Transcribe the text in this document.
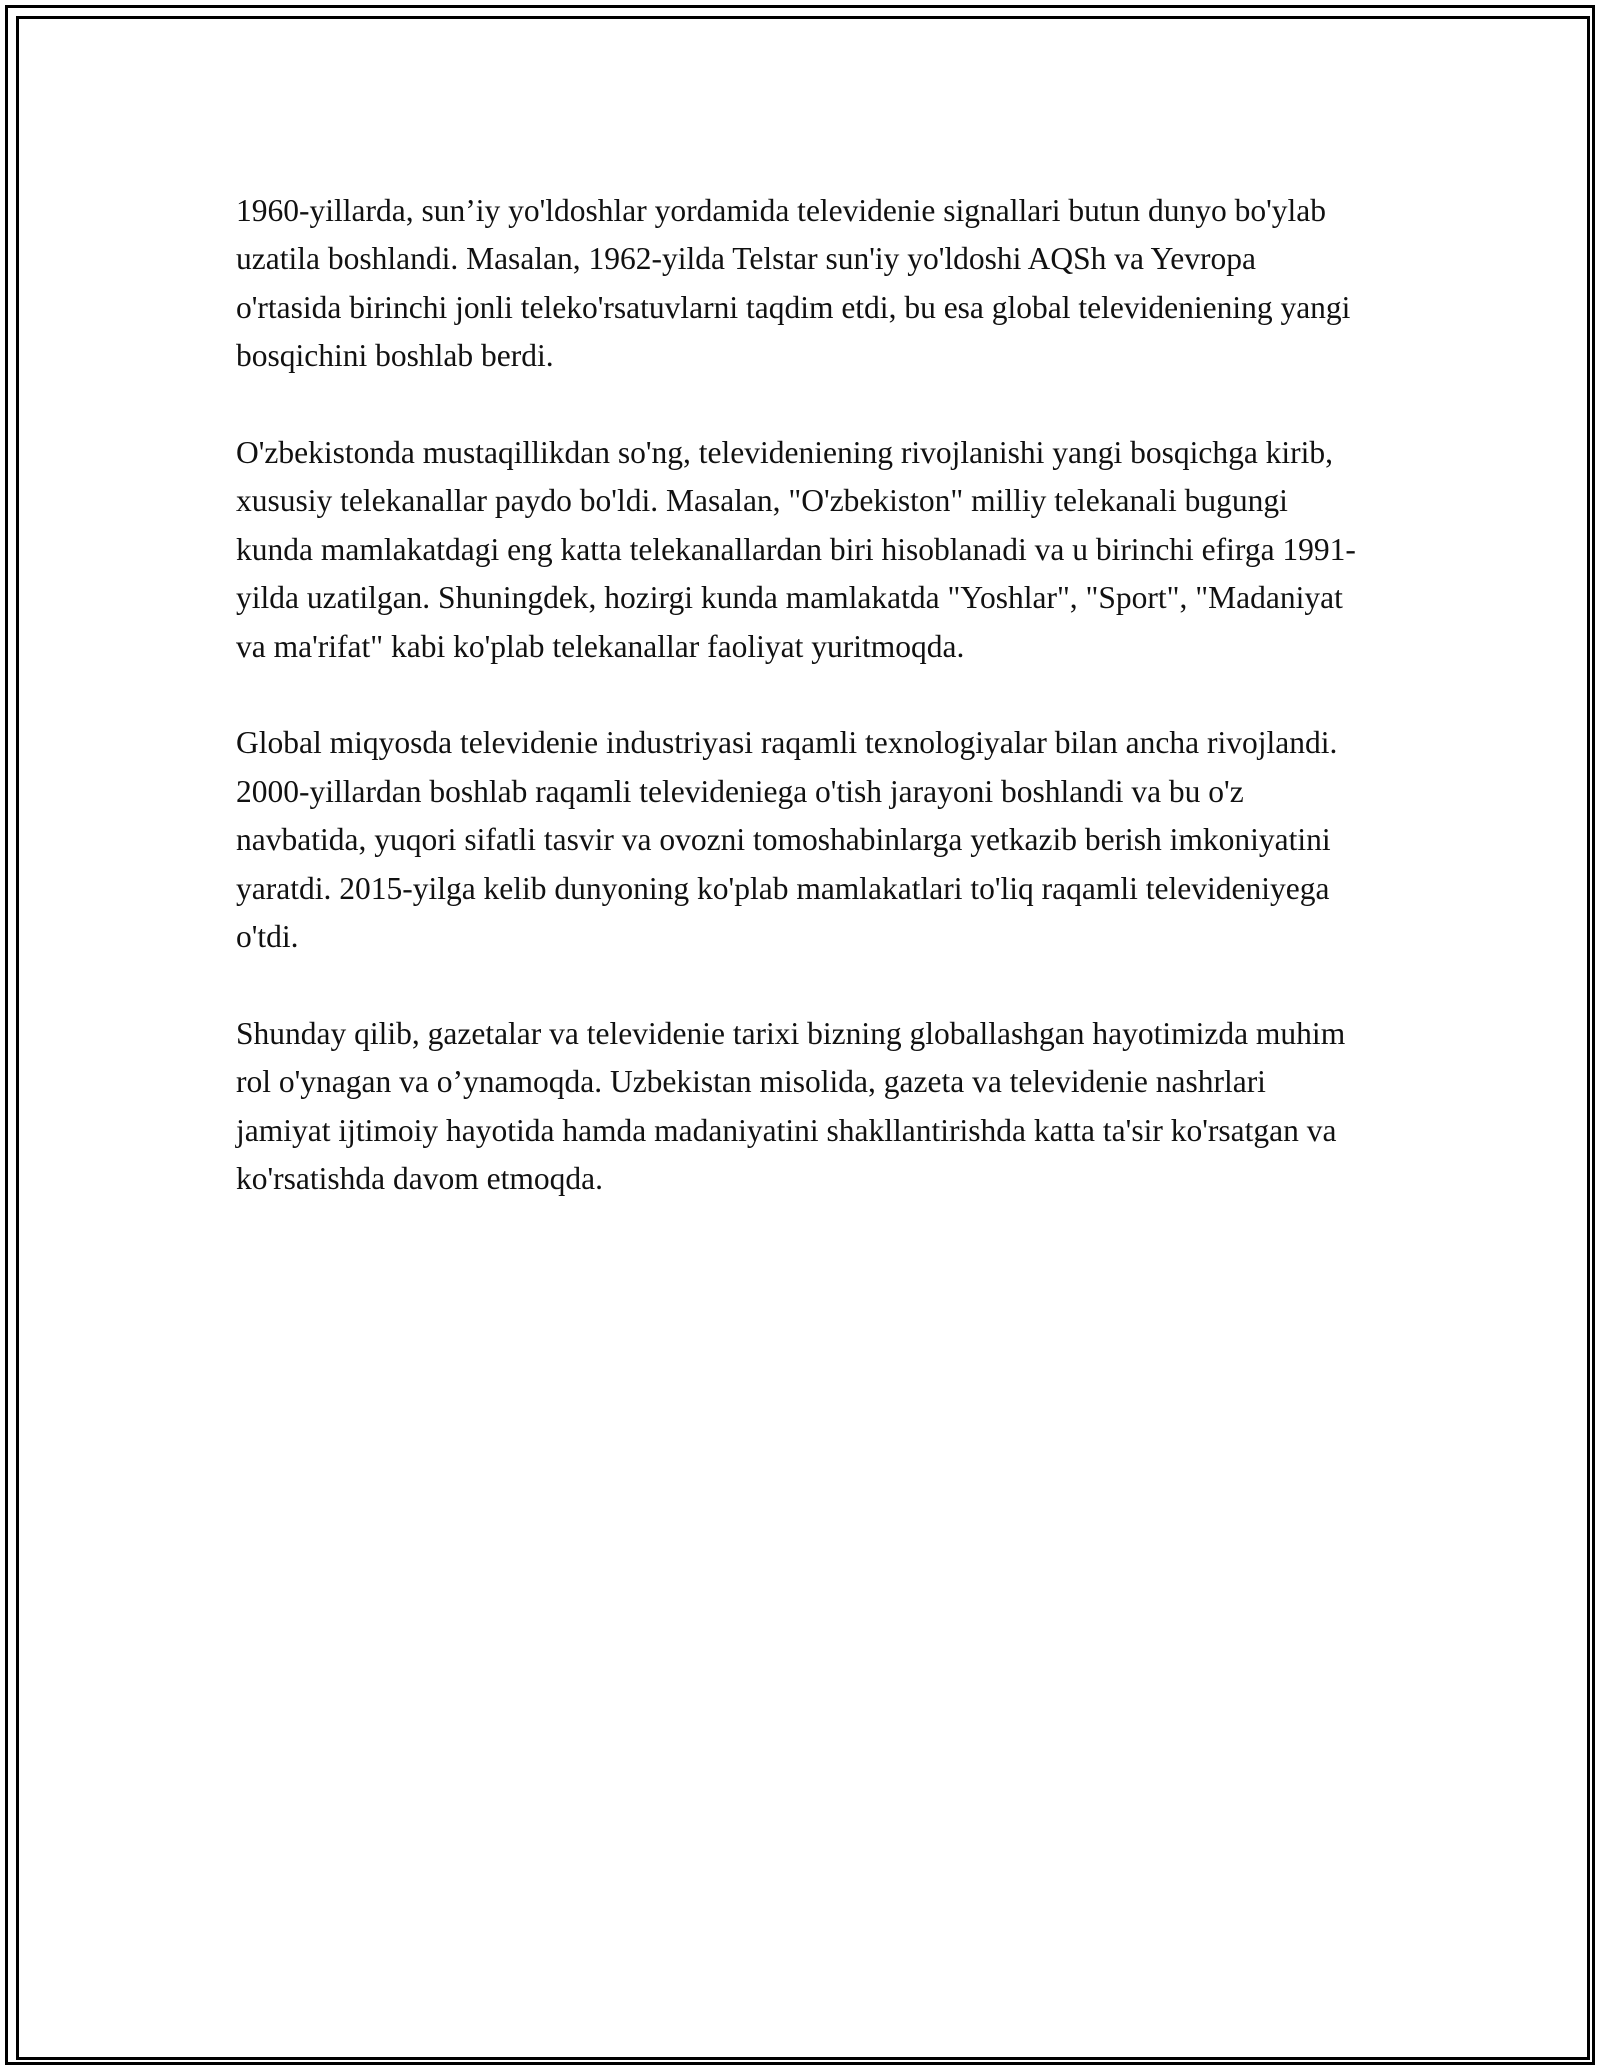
1960-yillarda, sun’iy yo'ldoshlar yordamida televidenie signallari butun dunyo bo'ylab uzatila boshlandi. Masalan, 1962-yilda Telstar sun'iy yo'ldoshi AQSh va Yevropa o'rtasida birinchi jonli teleko'rsatuvlarni taqdim etdi, bu esa global televideniening yangi bosqichini boshlab berdi.

O'zbekistonda mustaqillikdan so'ng, televideniening rivojlanishi yangi bosqichga kirib, xususiy telekanallar paydo bo'ldi. Masalan, "O'zbekiston" milliy telekanali bugungi kunda mamlakatdagi eng katta telekanallardan biri hisoblanadi va u birinchi efirga 1991-yilda uzatilgan. Shuningdek, hozirgi kunda mamlakatda "Yoshlar", "Sport", "Madaniyat va ma'rifat" kabi ko'plab telekanallar faoliyat yuritmoqda.

Global miqyosda televidenie industriyasi raqamli texnologiyalar bilan ancha rivojlandi. 2000-yillardan boshlab raqamli televideniega o'tish jarayoni boshlandi va bu o'z navbatida, yuqori sifatli tasvir va ovozni tomoshabinlarga yetkazib berish imkoniyatini yaratdi. 2015-yilga kelib dunyoning ko'plab mamlakatlari to'liq raqamli televideniyega o'tdi.

Shunday qilib, gazetalar va televidenie tarixi bizning globallashgan hayotimizda muhim rol o'ynagan va o’ynamoqda. Uzbekistan misolida, gazeta va televidenie nashrlari jamiyat ijtimoiy hayotida hamda madaniyatini shakllantirishda katta ta'sir ko'rsatgan va ko'rsatishda davom etmoqda.
